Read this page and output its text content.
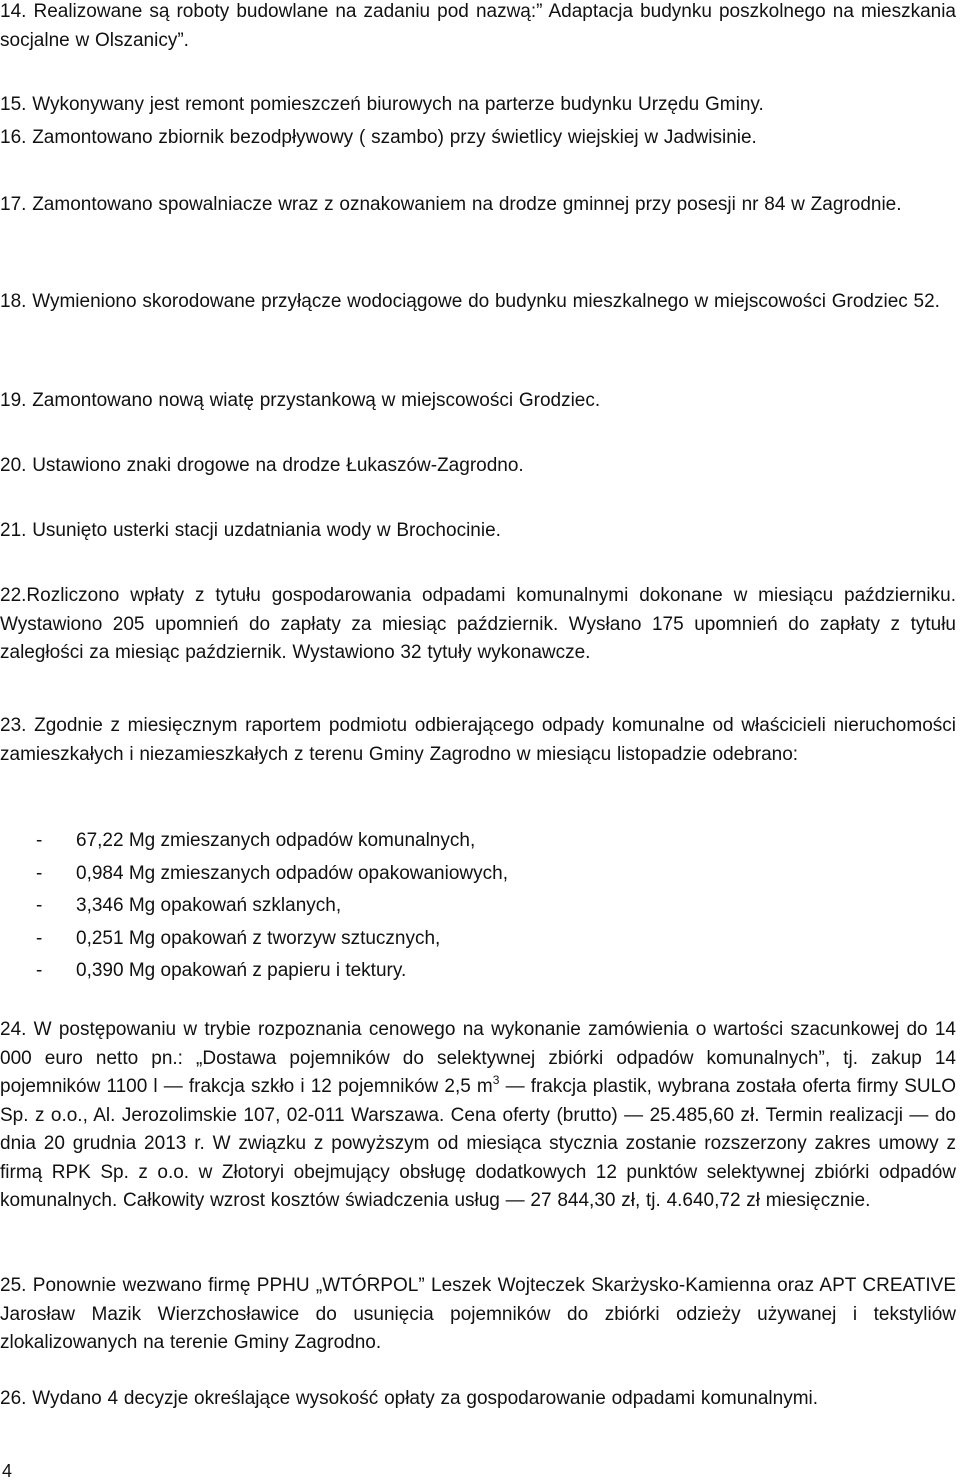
14. Realizowane są roboty budowlane na zadaniu pod nazwą:” Adaptacja budynku poszkolnego na mieszkania socjalne w Olszanicy”.

15. Wykonywany jest remont pomieszczeń biurowych na parterze budynku Urzędu Gminy.

16. Zamontowano zbiornik bezodpływowy ( szambo) przy świetlicy wiejskiej w Jadwisinie.

17. Zamontowano spowalniacze wraz z oznakowaniem na drodze gminnej przy posesji nr 84 w Zagrodnie.

18. Wymieniono skorodowane przyłącze wodociągowe do budynku mieszkalnego w miejscowości Grodziec 52.

19. Zamontowano nową wiatę przystankową w miejscowości Grodziec.

20. Ustawiono znaki drogowe na drodze Łukaszów-Zagrodno.

21. Usunięto usterki stacji uzdatniania wody w Brochocinie.

22.Rozliczono wpłaty z tytułu gospodarowania odpadami komunalnymi dokonane w miesiącu październiku. Wystawiono 205 upomnień do zapłaty za miesiąc październik. Wysłano 175 upomnień do zapłaty z tytułu zaległości za miesiąc październik. Wystawiono 32 tytuły wykonawcze.

23. Zgodnie z miesięcznym raportem podmiotu odbierającego odpady komunalne od właścicieli nieruchomości zamieszkałych i niezamieszkałych z terenu Gminy Zagrodno w miesiącu listopadzie odebrano:

- 67,22 Mg zmieszanych odpadów komunalnych,
- 0,984 Mg zmieszanych odpadów opakowaniowych,
- 3,346 Mg opakowań szklanych,
- 0,251 Mg opakowań z tworzyw sztucznych,
- 0,390 Mg opakowań z papieru i tektury.

24. W postępowaniu w trybie rozpoznania cenowego na wykonanie zamówienia o wartości szacunkowej do 14 000 euro netto pn.: „Dostawa pojemników do selektywnej zbiórki odpadów komunalnych”, tj. zakup 14 pojemników 1100 l — frakcja szkło i 12 pojemników 2,5 $m^3$ — frakcja plastik, wybrana została oferta firmy SULO Sp. z o.o., Al. Jerozolimskie 107, 02-011 Warszawa. Cena oferty (brutto) — 25.485,60 zł. Termin realizacji — do dnia 20 grudnia 2013 r. W związku z powyższym od miesiąca stycznia zostanie rozszerzony zakres umowy z firmą RPK Sp. z o.o. w Złotoryi obejmujący obsługę dodatkowych 12 punktów selektywnej zbiórki odpadów komunalnych. Całkowity wzrost kosztów świadczenia usług — 27 844,30 zł, tj. 4.640,72 zł miesięcznie.

25. Ponownie wezwano firmę PPHU „WTÓRPOL” Leszek Wojteczek Skarżysko-Kamienna oraz APT CREATIVE Jarosław Mazik Wierzchosławice do usunięcia pojemników do zbiórki odzieży używanej i tekstyliów zlokalizowanych na terenie Gminy Zagrodno.

26. Wydano 4 decyzje określające wysokość opłaty za gospodarowanie odpadami komunalnymi.

4
